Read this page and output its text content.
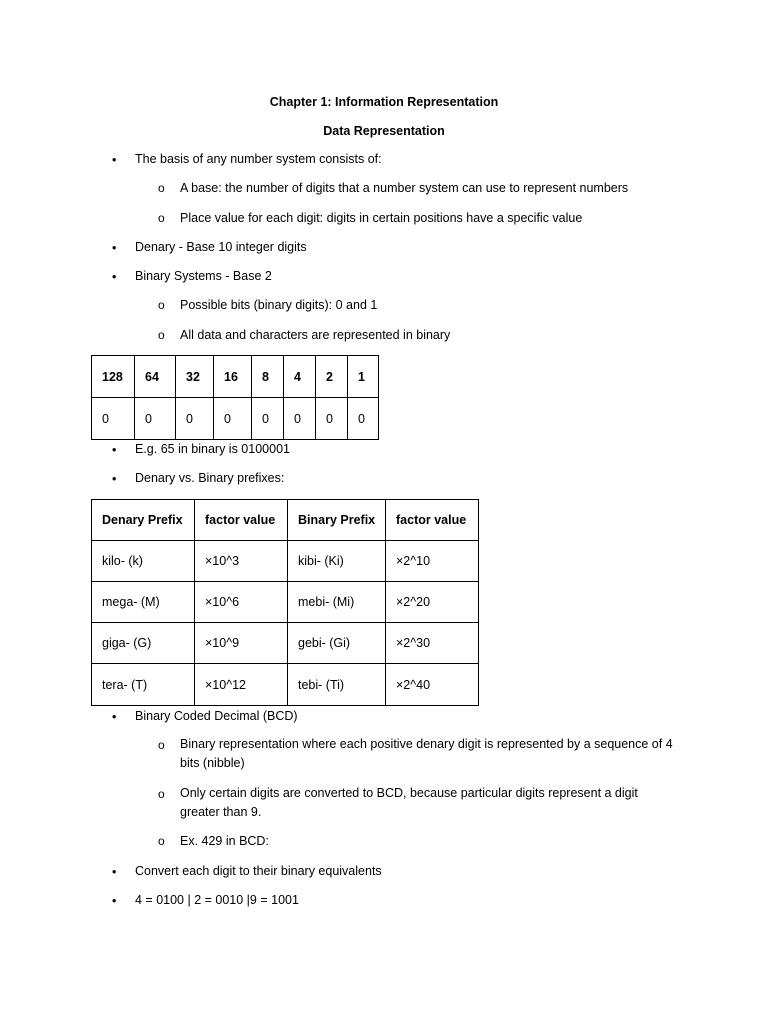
Chapter 1: Information Representation
Data Representation
• The basis of any number system consists of:
o A base: the number of digits that a number system can use to represent numbers
o Place value for each digit: digits in certain positions have a specific value
• Denary - Base 10 integer digits
• Binary Systems - Base 2
o Possible bits (binary digits): 0 and 1
o All data and characters are represented in binary
128	64	32	16	8	4	2	1
0	0	0	0	0	0	0	0
• E.g. 65 in binary is 0100001
• Denary vs. Binary prefixes:
Denary Prefix	factor value	Binary Prefix	factor value
kilo- (k)	×10^3	kibi- (Ki)	×2^10
mega- (M)	×10^6	mebi- (Mi)	×2^20
giga- (G)	×10^9	gebi- (Gi)	×2^30
tera- (T)	×10^12	tebi- (Ti)	×2^40
• Binary Coded Decimal (BCD)
o Binary representation where each positive denary digit is represented by a sequence of 4 bits (nibble)
o Only certain digits are converted to BCD, because particular digits represent a digit greater than 9.
o Ex. 429 in BCD:
• Convert each digit to their binary equivalents
• 4 = 0100 | 2 = 0010 |9 = 1001
